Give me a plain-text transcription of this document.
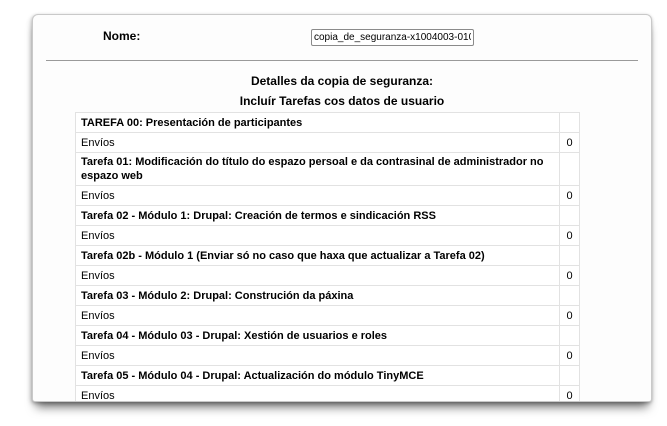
Nome:
copia_de_seguranza-x1004003-010420
Detalles da copia de seguranza:
Incluír Tarefas cos datos de usuario
TAREFA 00: Presentación de participantes	
Envíos	0
Tarefa 01: Modificación do título do espazo persoal e da contrasinal de administrador no espazo web	
Envíos	0
Tarefa 02 - Módulo 1: Drupal: Creación de termos e sindicación RSS	
Envíos	0
Tarefa 02b - Módulo 1 (Enviar só no caso que haxa que actualizar a Tarefa 02)	
Envíos	0
Tarefa 03 - Módulo 2: Drupal: Construción da páxina	
Envíos	0
Tarefa 04 - Módulo 03 - Drupal: Xestión de usuarios e roles	
Envíos	0
Tarefa 05 - Módulo 04 - Drupal: Actualización do módulo TinyMCE	
Envíos	0
